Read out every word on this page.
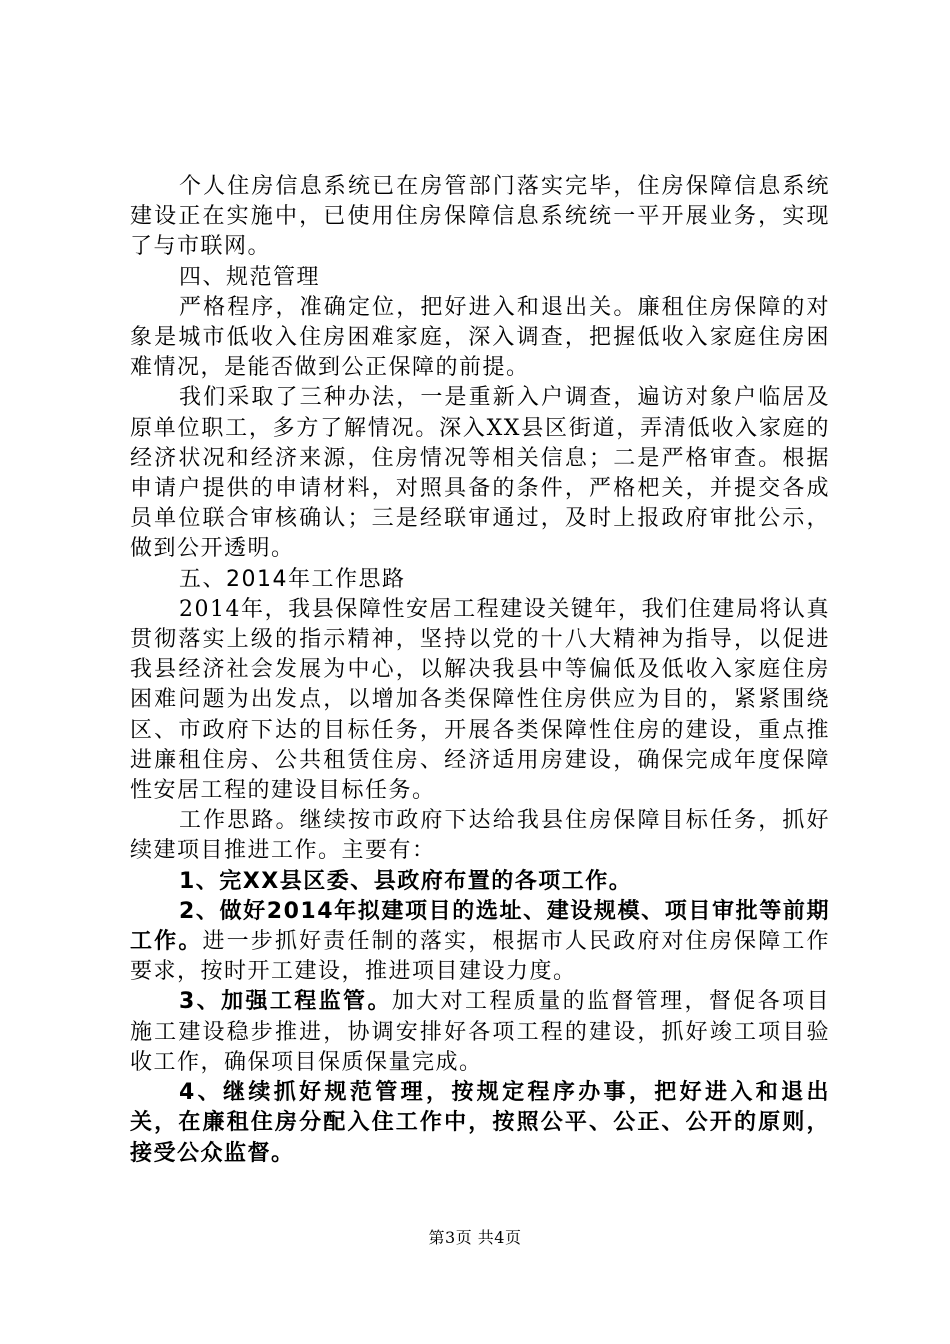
个人住房信息系统已在房管部门落实完毕，住房保障信息系统建设正在实施中，已使用住房保障信息系统统一平开展业务，实现了与市联网。

四、规范管理

严格程序，准确定位，把好进入和退出关。廉租住房保障的对象是城市低收入住房困难家庭，深入调查，把握低收入家庭住房困难情况，是能否做到公正保障的前提。

我们采取了三种办法，一是重新入户调查，遍访对象户临居及原单位职工，多方了解情况。深入XX县区街道，弄清低收入家庭的经济状况和经济来源，住房情况等相关信息；二是严格审查。根据申请户提供的申请材料，对照具备的条件，严格杷关，并提交各成员单位联合审核确认；三是经联审通过，及时上报政府审批公示，做到公开透明。

五、2014年工作思路

2014年，我县保障性安居工程建设关键年，我们住建局将认真贯彻落实上级的指示精神，坚持以党的十八大精神为指导，以促进我县经济社会发展为中心，以解决我县中等偏低及低收入家庭住房困难问题为出发点，以增加各类保障性住房供应为目的，紧紧围绕区、市政府下达的目标任务，开展各类保障性住房的建设，重点推进廉租住房、公共租赁住房、经济适用房建设，确保完成年度保障性安居工程的建设目标任务。

工作思路。继续按市政府下达给我县住房保障目标任务，抓好续建项目推进工作。主要有：

1、完XX县区委、县政府布置的各项工作。

2、做好2014年拟建项目的选址、建设规模、项目审批等前期工作。进一步抓好责任制的落实，根据市人民政府对住房保障工作要求，按时开工建设，推进项目建设力度。

3、加强工程监管。加大对工程质量的监督管理，督促各项目施工建设稳步推进，协调安排好各项工程的建设，抓好竣工项目验收工作，确保项目保质保量完成。

4、继续抓好规范管理，按规定程序办事，把好进入和退出关，在廉租住房分配入住工作中，按照公平、公正、公开的原则，接受公众监督。

第3页 共4页
